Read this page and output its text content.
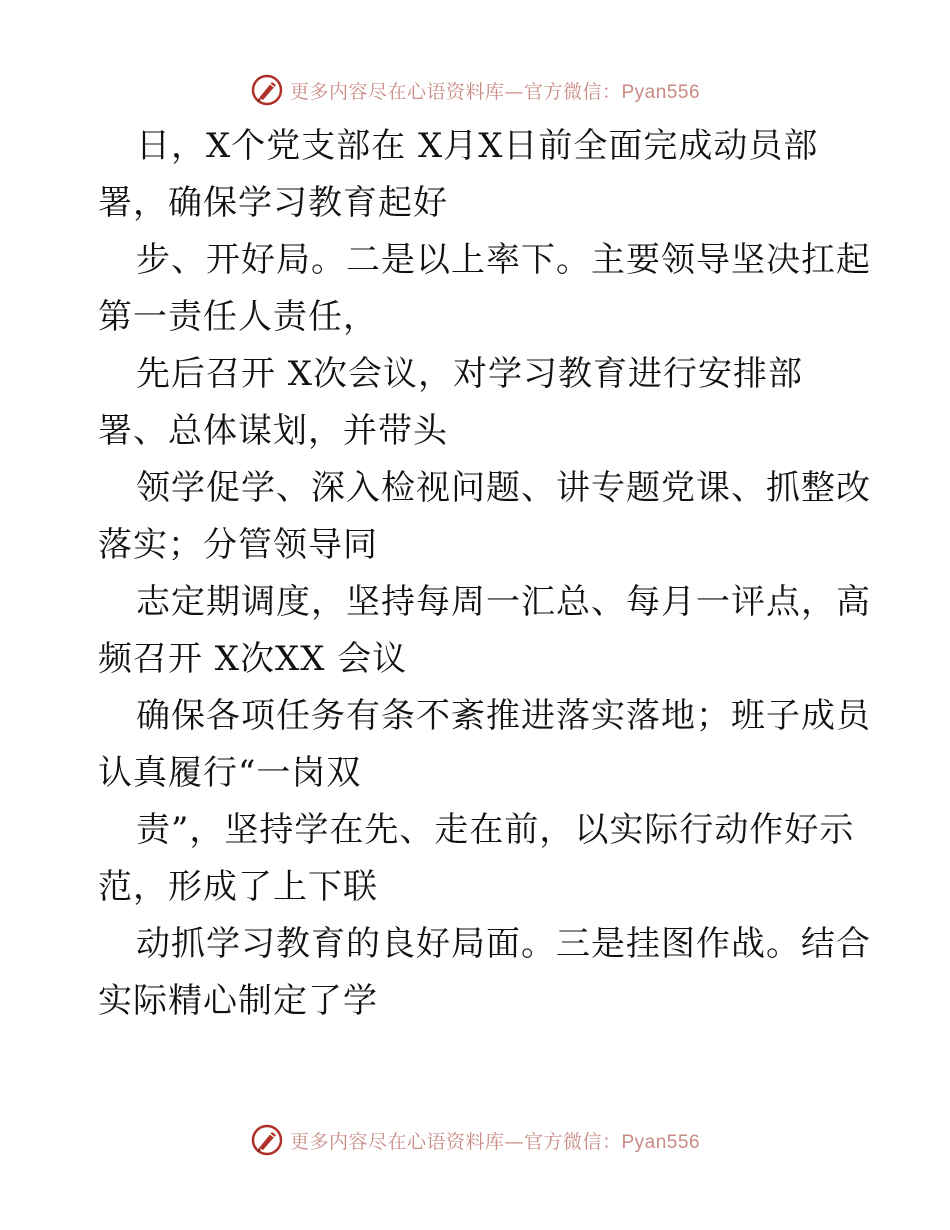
更多内容尽在心语资料库—官方微信：Pyan556
日，X个党支部在 X月X日前全面完成动员部
署，确保学习教育起好
步、开好局。二是以上率下。主要领导坚决扛起
第一责任人责任，
先后召开 X次会议，对学习教育进行安排部
署、总体谋划，并带头
领学促学、深入检视问题、讲专题党课、抓整改
落实；分管领导同
志定期调度，坚持每周一汇总、每月一评点，高
频召开 X次XX 会议
确保各项任务有条不紊推进落实落地；班子成员
认真履行“一岗双
责”，坚持学在先、走在前，以实际行动作好示
范，形成了上下联
动抓学习教育的良好局面。三是挂图作战。结合
实际精心制定了学
更多内容尽在心语资料库—官方微信：Pyan556
